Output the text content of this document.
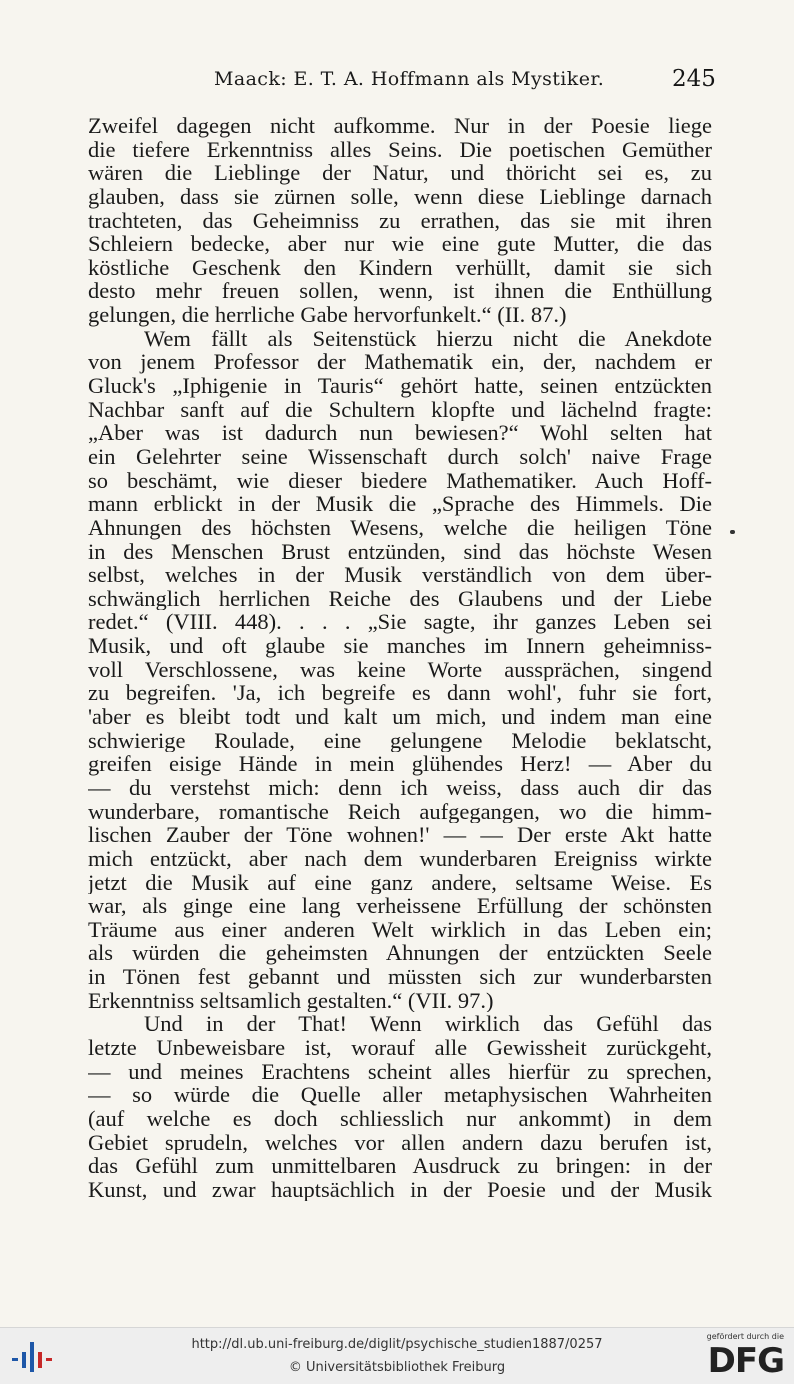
Maack: E. T. A. Hoffmann als Mystiker.	245
Zweifel dagegen nicht aufkomme. Nur in der Poesie liege
die tiefere Erkenntniss alles Seins. Die poetischen Gemüther
wären die Lieblinge der Natur, und thöricht sei es, zu
glauben, dass sie zürnen solle, wenn diese Lieblinge darnach
trachteten, das Geheimniss zu errathen, das sie mit ihren
Schleiern bedecke, aber nur wie eine gute Mutter, die das
köstliche Geschenk den Kindern verhüllt, damit sie sich
desto mehr freuen sollen, wenn, ist ihnen die Enthüllung
gelungen, die herrliche Gabe hervorfunkelt.“ (II. 87.)
Wem fällt als Seitenstück hierzu nicht die Anekdote
von jenem Professor der Mathematik ein, der, nachdem er
Gluck's „Iphigenie in Tauris“ gehört hatte, seinen entzückten
Nachbar sanft auf die Schultern klopfte und lächelnd fragte:
„Aber was ist dadurch nun bewiesen?“ Wohl selten hat
ein Gelehrter seine Wissenschaft durch solch' naive Frage
so beschämt, wie dieser biedere Mathematiker. Auch Hoff-
mann erblickt in der Musik die „Sprache des Himmels. Die
Ahnungen des höchsten Wesens, welche die heiligen Töne
in des Menschen Brust entzünden, sind das höchste Wesen
selbst, welches in der Musik verständlich von dem über-
schwänglich herrlichen Reiche des Glaubens und der Liebe
redet.“ (VIII. 448). . . . „Sie sagte, ihr ganzes Leben sei
Musik, und oft glaube sie manches im Innern geheimniss-
voll Verschlossene, was keine Worte aussprächen, singend
zu begreifen. 'Ja, ich begreife es dann wohl', fuhr sie fort,
'aber es bleibt todt und kalt um mich, und indem man eine
schwierige Roulade, eine gelungene Melodie beklatscht,
greifen eisige Hände in mein glühendes Herz! — Aber du
— du verstehst mich: denn ich weiss, dass auch dir das
wunderbare, romantische Reich aufgegangen, wo die himm-
lischen Zauber der Töne wohnen!' — — Der erste Akt hatte
mich entzückt, aber nach dem wunderbaren Ereigniss wirkte
jetzt die Musik auf eine ganz andere, seltsame Weise. Es
war, als ginge eine lang verheissene Erfüllung der schönsten
Träume aus einer anderen Welt wirklich in das Leben ein;
als würden die geheimsten Ahnungen der entzückten Seele
in Tönen fest gebannt und müssten sich zur wunderbarsten
Erkenntniss seltsamlich gestalten.“ (VII. 97.)
Und in der That! Wenn wirklich das Gefühl das
letzte Unbeweisbare ist, worauf alle Gewissheit zurückgeht,
— und meines Erachtens scheint alles hierfür zu sprechen,
— so würde die Quelle aller metaphysischen Wahrheiten
(auf welche es doch schliesslich nur ankommt) in dem
Gebiet sprudeln, welches vor allen andern dazu berufen ist,
das Gefühl zum unmittelbaren Ausdruck zu bringen: in der
Kunst, und zwar hauptsächlich in der Poesie und der Musik
http://dl.ub.uni-freiburg.de/diglit/psychische_studien1887/0257
© Universitätsbibliothek Freiburg
gefördert durch die
DFG
